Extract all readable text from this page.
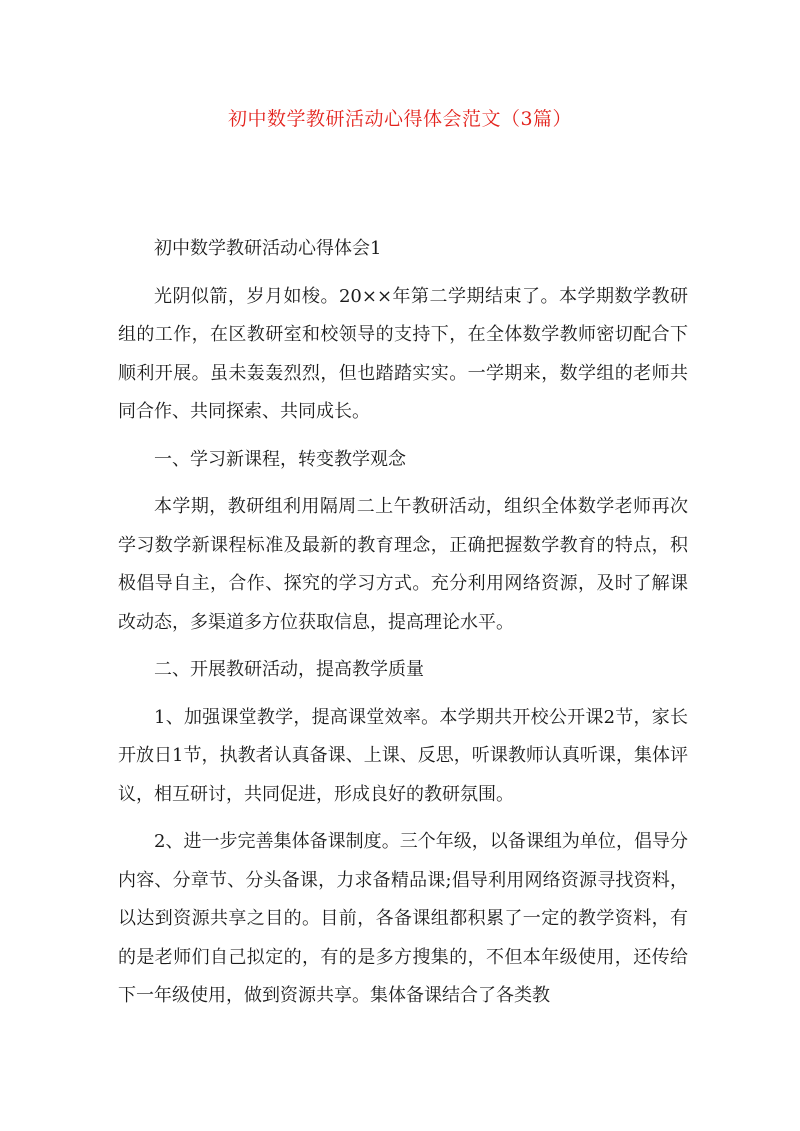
初中数学教研活动心得体会范文（3篇）

初中数学教研活动心得体会1

光阴似箭，岁月如梭。20××年第二学期结束了。本学期数学教研组的工作，在区教研室和校领导的支持下，在全体数学教师密切配合下顺利开展。虽未轰轰烈烈，但也踏踏实实。一学期来，数学组的老师共同合作、共同探索、共同成长。

一、学习新课程，转变教学观念

本学期，教研组利用隔周二上午教研活动，组织全体数学老师再次学习数学新课程标准及最新的教育理念，正确把握数学教育的特点，积极倡导自主，合作、探究的学习方式。充分利用网络资源，及时了解课改动态，多渠道多方位获取信息，提高理论水平。

二、开展教研活动，提高教学质量

1、加强课堂教学，提高课堂效率。本学期共开校公开课2节，家长开放日1节，执教者认真备课、上课、反思，听课教师认真听课，集体评议，相互研讨，共同促进，形成良好的教研氛围。

2、进一步完善集体备课制度。三个年级，以备课组为单位，倡导分内容、分章节、分头备课，力求备精品课;倡导利用网络资源寻找资料，以达到资源共享之目的。目前，各备课组都积累了一定的教学资料，有的是老师们自己拟定的，有的是多方搜集的，不但本年级使用，还传给下一年级使用，做到资源共享。集体备课结合了各类教
